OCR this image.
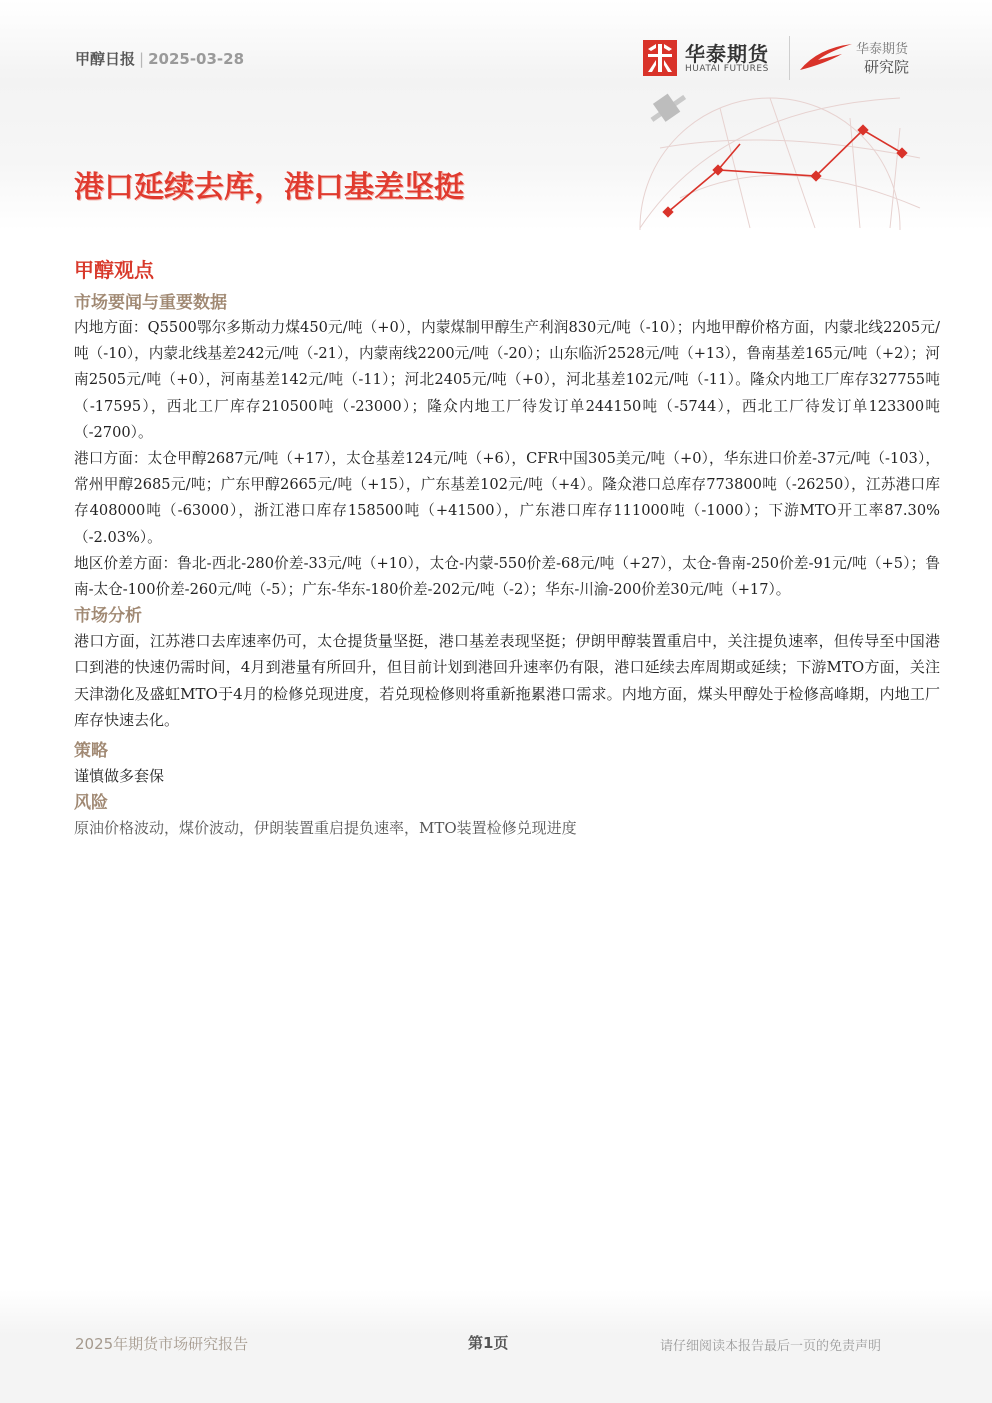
甲醇日报 | 2025-03-28	华泰期货
HUATAI FUTURES
华泰期货
研究院
港口延续去库，港口基差坚挺
甲醇观点
市场要闻与重要数据

内地方面：Q5500鄂尔多斯动力煤450元/吨（+0），内蒙煤制甲醇生产利润830元/吨（-10）；内地甲醇价格方面，内蒙北线2205元/吨（-10），内蒙北线基差242元/吨（-21），内蒙南线2200元/吨（-20）；山东临沂2528元/吨（+13），鲁南基差165元/吨（+2）；河南2505元/吨（+0），河南基差142元/吨（-11）；河北2405元/吨（+0），河北基差102元/吨（-11）。隆众内地工厂库存327755吨（-17595），西北工厂库存210500吨（-23000）；隆众内地工厂待发订单244150吨（-5744），西北工厂待发订单123300吨（-2700）。

港口方面：太仓甲醇2687元/吨（+17），太仓基差124元/吨（+6），CFR中国305美元/吨（+0），华东进口价差-37元/吨（-103），常州甲醇2685元/吨；广东甲醇2665元/吨（+15），广东基差102元/吨（+4）。隆众港口总库存773800吨（-26250），江苏港口库存408000吨（-63000），浙江港口库存158500吨（+41500），广东港口库存111000吨（-1000）；下游MTO开工率87.30%（-2.03%）。

地区价差方面：鲁北-西北-280价差-33元/吨（+10），太仓-内蒙-550价差-68元/吨（+27），太仓-鲁南-250价差-91元/吨（+5）；鲁南-太仓-100价差-260元/吨（-5）；广东-华东-180价差-202元/吨（-2）；华东-川渝-200价差30元/吨（+17）。

市场分析

港口方面，江苏港口去库速率仍可，太仓提货量坚挺，港口基差表现坚挺；伊朗甲醇装置重启中，关注提负速率，但传导至中国港口到港的快速仍需时间，4月到港量有所回升，但目前计划到港回升速率仍有限，港口延续去库周期或延续；下游MTO方面，关注天津渤化及盛虹MTO于4月的检修兑现进度，若兑现检修则将重新拖累港口需求。内地方面，煤头甲醇处于检修高峰期，内地工厂库存快速去化。

策略

谨慎做多套保

风险

原油价格波动，煤价波动，伊朗装置重启提负速率，MTO装置检修兑现进度

2025年期货市场研究报告	第1页	请仔细阅读本报告最后一页的免责声明
